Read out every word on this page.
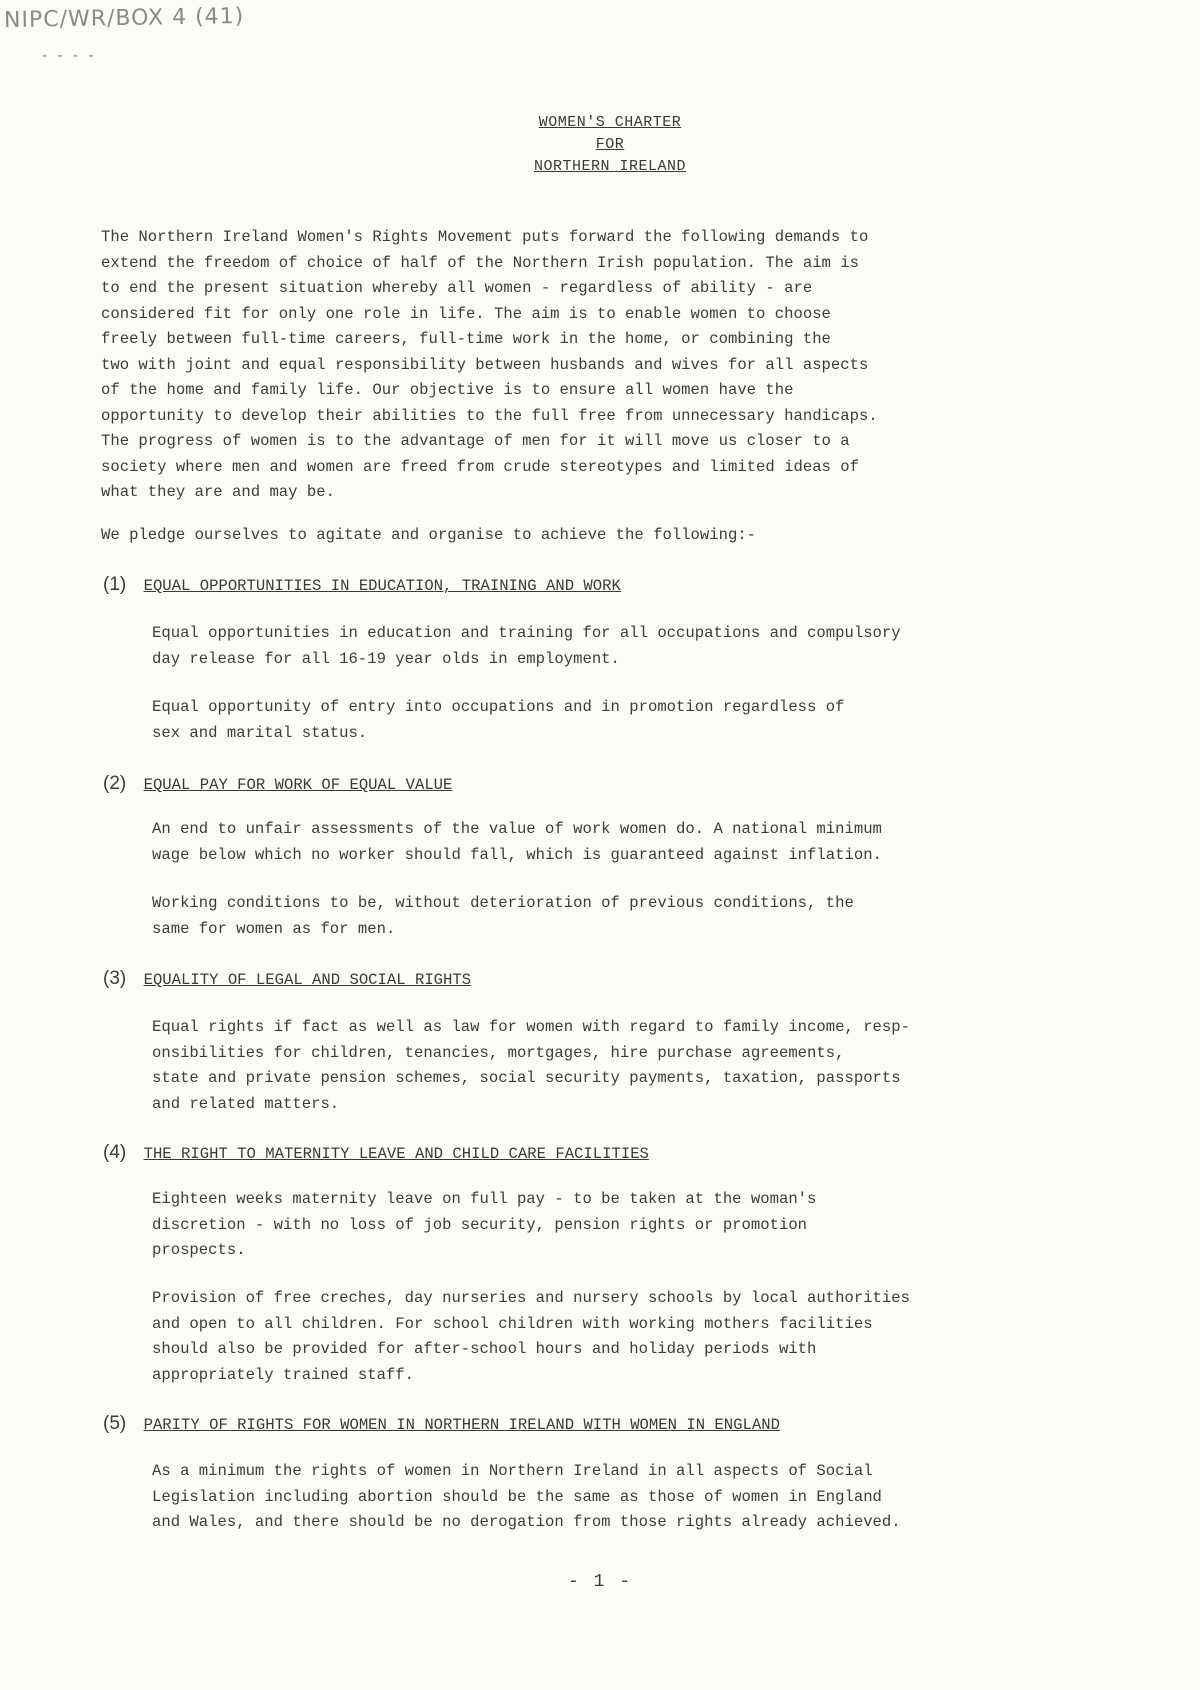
NIPC/WR/BOX 4 (41)
- - - -
WOMEN'S CHARTER
FOR
NORTHERN IRELAND
The Northern Ireland Women's Rights Movement puts forward the following demands to
extend the freedom of choice of half of the Northern Irish population. The aim is
to end the present situation whereby all women - regardless of ability - are
considered fit for only one role in life. The aim is to enable women to choose
freely between full-time careers, full-time work in the home, or combining the
two with joint and equal responsibility between husbands and wives for all aspects
of the home and family life. Our objective is to ensure all women have the
opportunity to develop their abilities to the full free from unnecessary handicaps.
The progress of women is to the advantage of men for it will move us closer to a
society where men and women are freed from crude stereotypes and limited ideas of
what they are and may be.
We pledge ourselves to agitate and organise to achieve the following:-
(1) EQUAL OPPORTUNITIES IN EDUCATION, TRAINING AND WORK
Equal opportunities in education and training for all occupations and compulsory
day release for all 16-19 year olds in employment.
Equal opportunity of entry into occupations and in promotion regardless of
sex and marital status.
(2) EQUAL PAY FOR WORK OF EQUAL VALUE
An end to unfair assessments of the value of work women do. A national minimum
wage below which no worker should fall, which is guaranteed against inflation.
Working conditions to be, without deterioration of previous conditions, the
same for women as for men.
(3) EQUALITY OF LEGAL AND SOCIAL RIGHTS
Equal rights if fact as well as law for women with regard to family income, resp-
onsibilities for children, tenancies, mortgages, hire purchase agreements,
state and private pension schemes, social security payments, taxation, passports
and related matters.
(4) THE RIGHT TO MATERNITY LEAVE AND CHILD CARE FACILITIES
Eighteen weeks maternity leave on full pay - to be taken at the woman's
discretion - with no loss of job security, pension rights or promotion
prospects.
Provision of free creches, day nurseries and nursery schools by local authorities
and open to all children. For school children with working mothers facilities
should also be provided for after-school hours and holiday periods with
appropriately trained staff.
(5) PARITY OF RIGHTS FOR WOMEN IN NORTHERN IRELAND WITH WOMEN IN ENGLAND
As a minimum the rights of women in Northern Ireland in all aspects of Social
Legislation including abortion should be the same as those of women in England
and Wales, and there should be no derogation from those rights already achieved.
- 1 -
